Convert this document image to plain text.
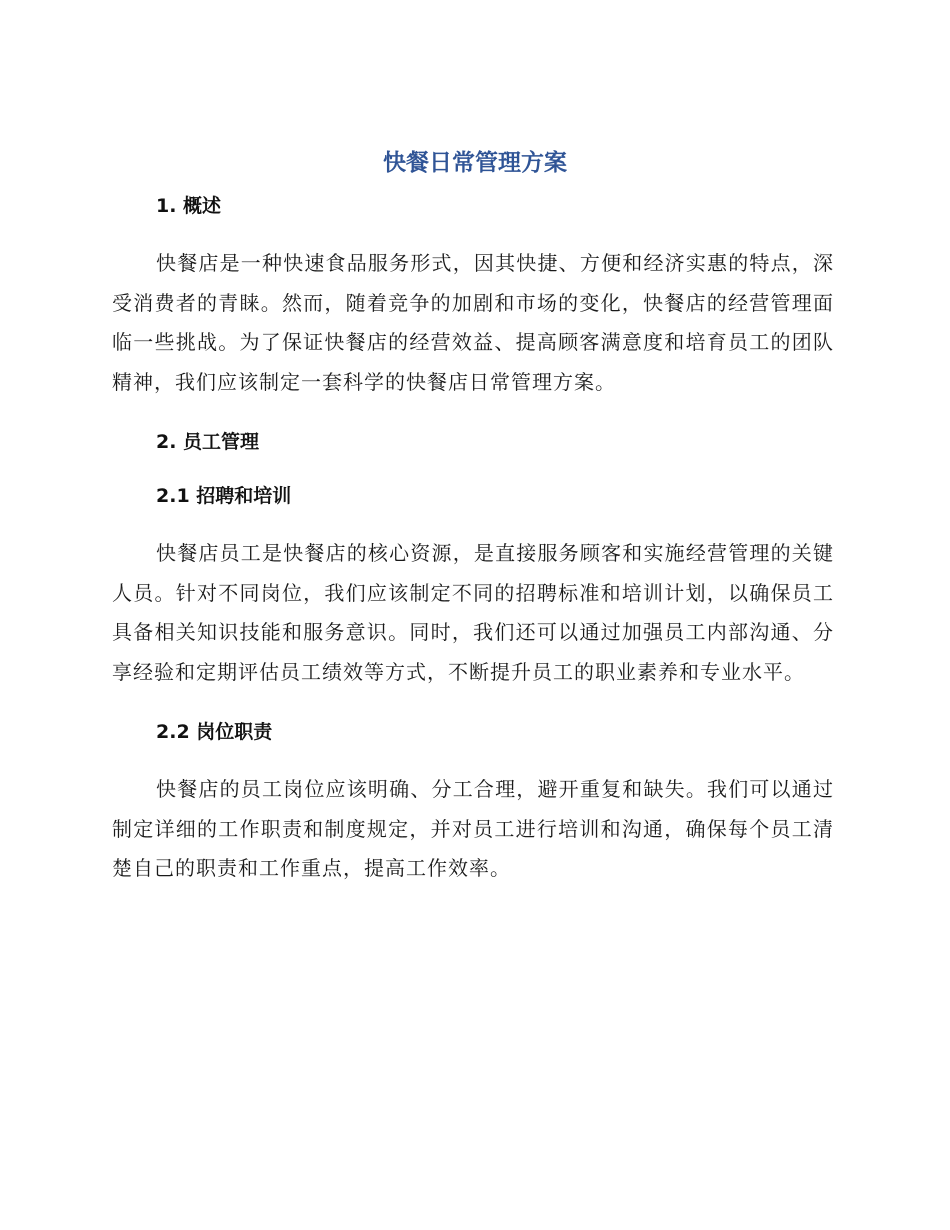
快餐日常管理方案
1. 概述

快餐店是一种快速食品服务形式，因其快捷、方便和经济实惠的特点，深受消费者的青睐。然而，随着竞争的加剧和市场的变化，快餐店的经营管理面临一些挑战。为了保证快餐店的经营效益、提高顾客满意度和培育员工的团队精神，我们应该制定一套科学的快餐店日常管理方案。

2. 员工管理
2.1 招聘和培训

快餐店员工是快餐店的核心资源，是直接服务顾客和实施经营管理的关键人员。针对不同岗位，我们应该制定不同的招聘标准和培训计划，以确保员工具备相关知识技能和服务意识。同时，我们还可以通过加强员工内部沟通、分享经验和定期评估员工绩效等方式，不断提升员工的职业素养和专业水平。

2.2 岗位职责

快餐店的员工岗位应该明确、分工合理，避开重复和缺失。我们可以通过制定详细的工作职责和制度规定，并对员工进行培训和沟通，确保每个员工清楚自己的职责和工作重点，提高工作效率。
